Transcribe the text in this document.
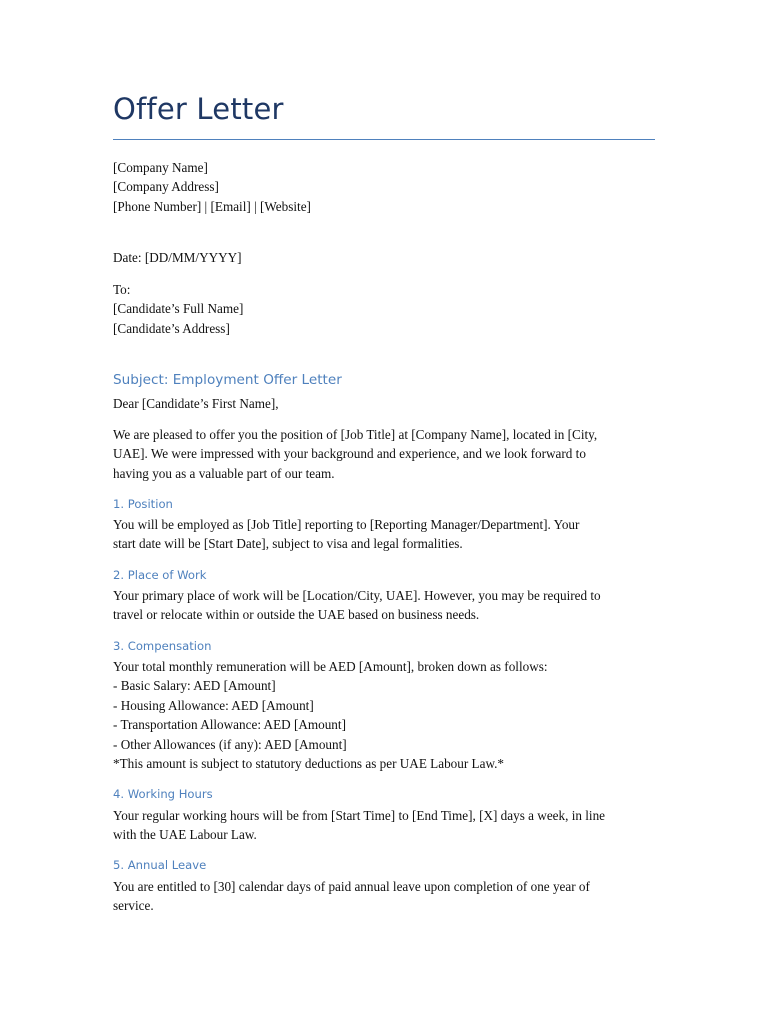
Offer Letter
[Company Name]
[Company Address]
[Phone Number] | [Email] | [Website]
Date: [DD/MM/YYYY]
To:
[Candidate’s Full Name]
[Candidate’s Address]
Subject: Employment Offer Letter
Dear [Candidate’s First Name],
We are pleased to offer you the position of [Job Title] at [Company Name], located in [City,
UAE]. We were impressed with your background and experience, and we look forward to
having you as a valuable part of our team.
1. Position
You will be employed as [Job Title] reporting to [Reporting Manager/Department]. Your
start date will be [Start Date], subject to visa and legal formalities.
2. Place of Work
Your primary place of work will be [Location/City, UAE]. However, you may be required to
travel or relocate within or outside the UAE based on business needs.
3. Compensation
Your total monthly remuneration will be AED [Amount], broken down as follows:
- Basic Salary: AED [Amount]
- Housing Allowance: AED [Amount]
- Transportation Allowance: AED [Amount]
- Other Allowances (if any): AED [Amount]
*This amount is subject to statutory deductions as per UAE Labour Law.*
4. Working Hours
Your regular working hours will be from [Start Time] to [End Time], [X] days a week, in line
with the UAE Labour Law.
5. Annual Leave
You are entitled to [30] calendar days of paid annual leave upon completion of one year of
service.
